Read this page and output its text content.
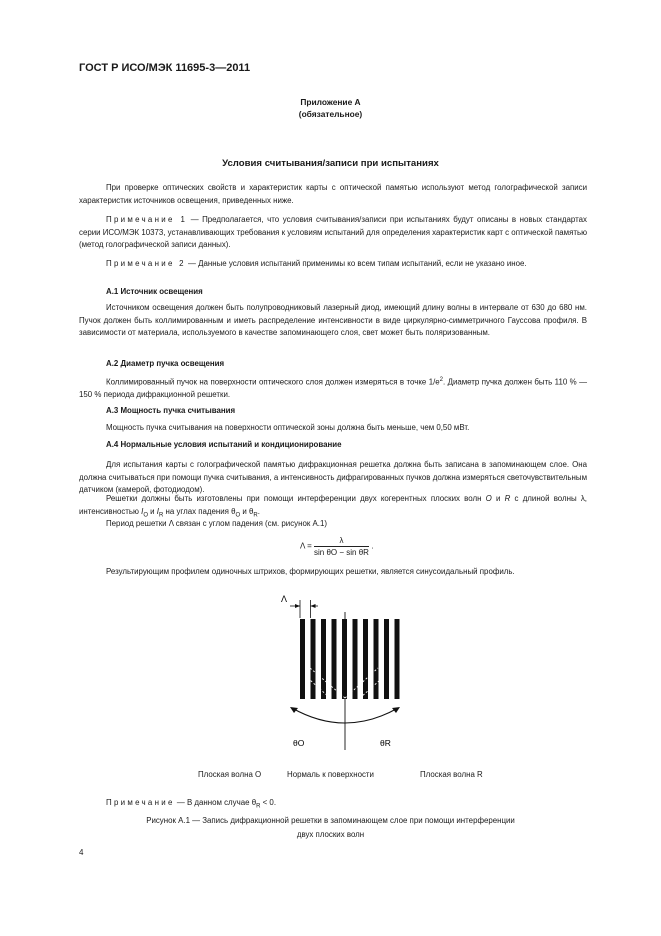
ГОСТ Р ИСО/МЭК 11695-3—2011
Приложение А
(обязательное)
Условия считывания/записи при испытаниях
При проверке оптических свойств и характеристик карты с оптической памятью используют метод голографической записи характеристик источников освещения, приведенных ниже.
Примечание 1 — Предполагается, что условия считывания/записи при испытаниях будут описаны в новых стандартах серии ИСО/МЭК 10373, устанавливающих требования к условиям испытаний для определения характеристик карт с оптической памятью (метод голографической записи данных).
Примечание 2 — Данные условия испытаний применимы ко всем типам испытаний, если не указано иное.
А.1 Источник освещения
Источником освещения должен быть полупроводниковый лазерный диод, имеющий длину волны в интервале от 630 до 680 нм. Пучок должен быть коллимированным и иметь распределение интенсивности в виде циркулярно-симметричного Гауссова профиля. В зависимости от материала, используемого в качестве запоминающего слоя, свет может быть поляризованным.
А.2 Диаметр пучка освещения
Коллимированный пучок на поверхности оптического слоя должен измеряться в точке $1/e^2$. Диаметр пучка должен быть 110 % — 150 % периода дифракционной решетки.
А.3 Мощность пучка считывания
Мощность пучка считывания на поверхности оптической зоны должна быть меньше, чем 0,50 мВт.
А.4 Нормальные условия испытаний и кондиционирование
Для испытания карты с голографической памятью дифракционная решетка должна быть записана в запоминающем слое. Она должна считываться при помощи пучка считывания, а интенсивность дифрагированных пучков должна измеряться светочувствительным датчиком (камерой, фотодиодом).
Решетки должны быть изготовлены при помощи интерференции двух когерентных плоских волн O и R с длиной волны λ, интенсивностью $I_O$ и $I_R$ на углах падения $\theta_O$ и $\theta_R$.
Период решетки Λ связан с углом падения (см. рисунок А.1)
$\Lambda = \frac{\lambda}{\text{sin θO − sin θR}}$ .
Результирующим профилем одиночных штрихов, формирующих решетки, является синусоидальный профиль.
Λ
θO	θR
Плоская волна O	Нормаль к поверхности	Плоская волна R
Примечание — В данном случае $\theta_R < 0$.
Рисунок А.1 — Запись дифракционной решетки в запоминающем слое при помощи интерференции
двух плоских волн
4
